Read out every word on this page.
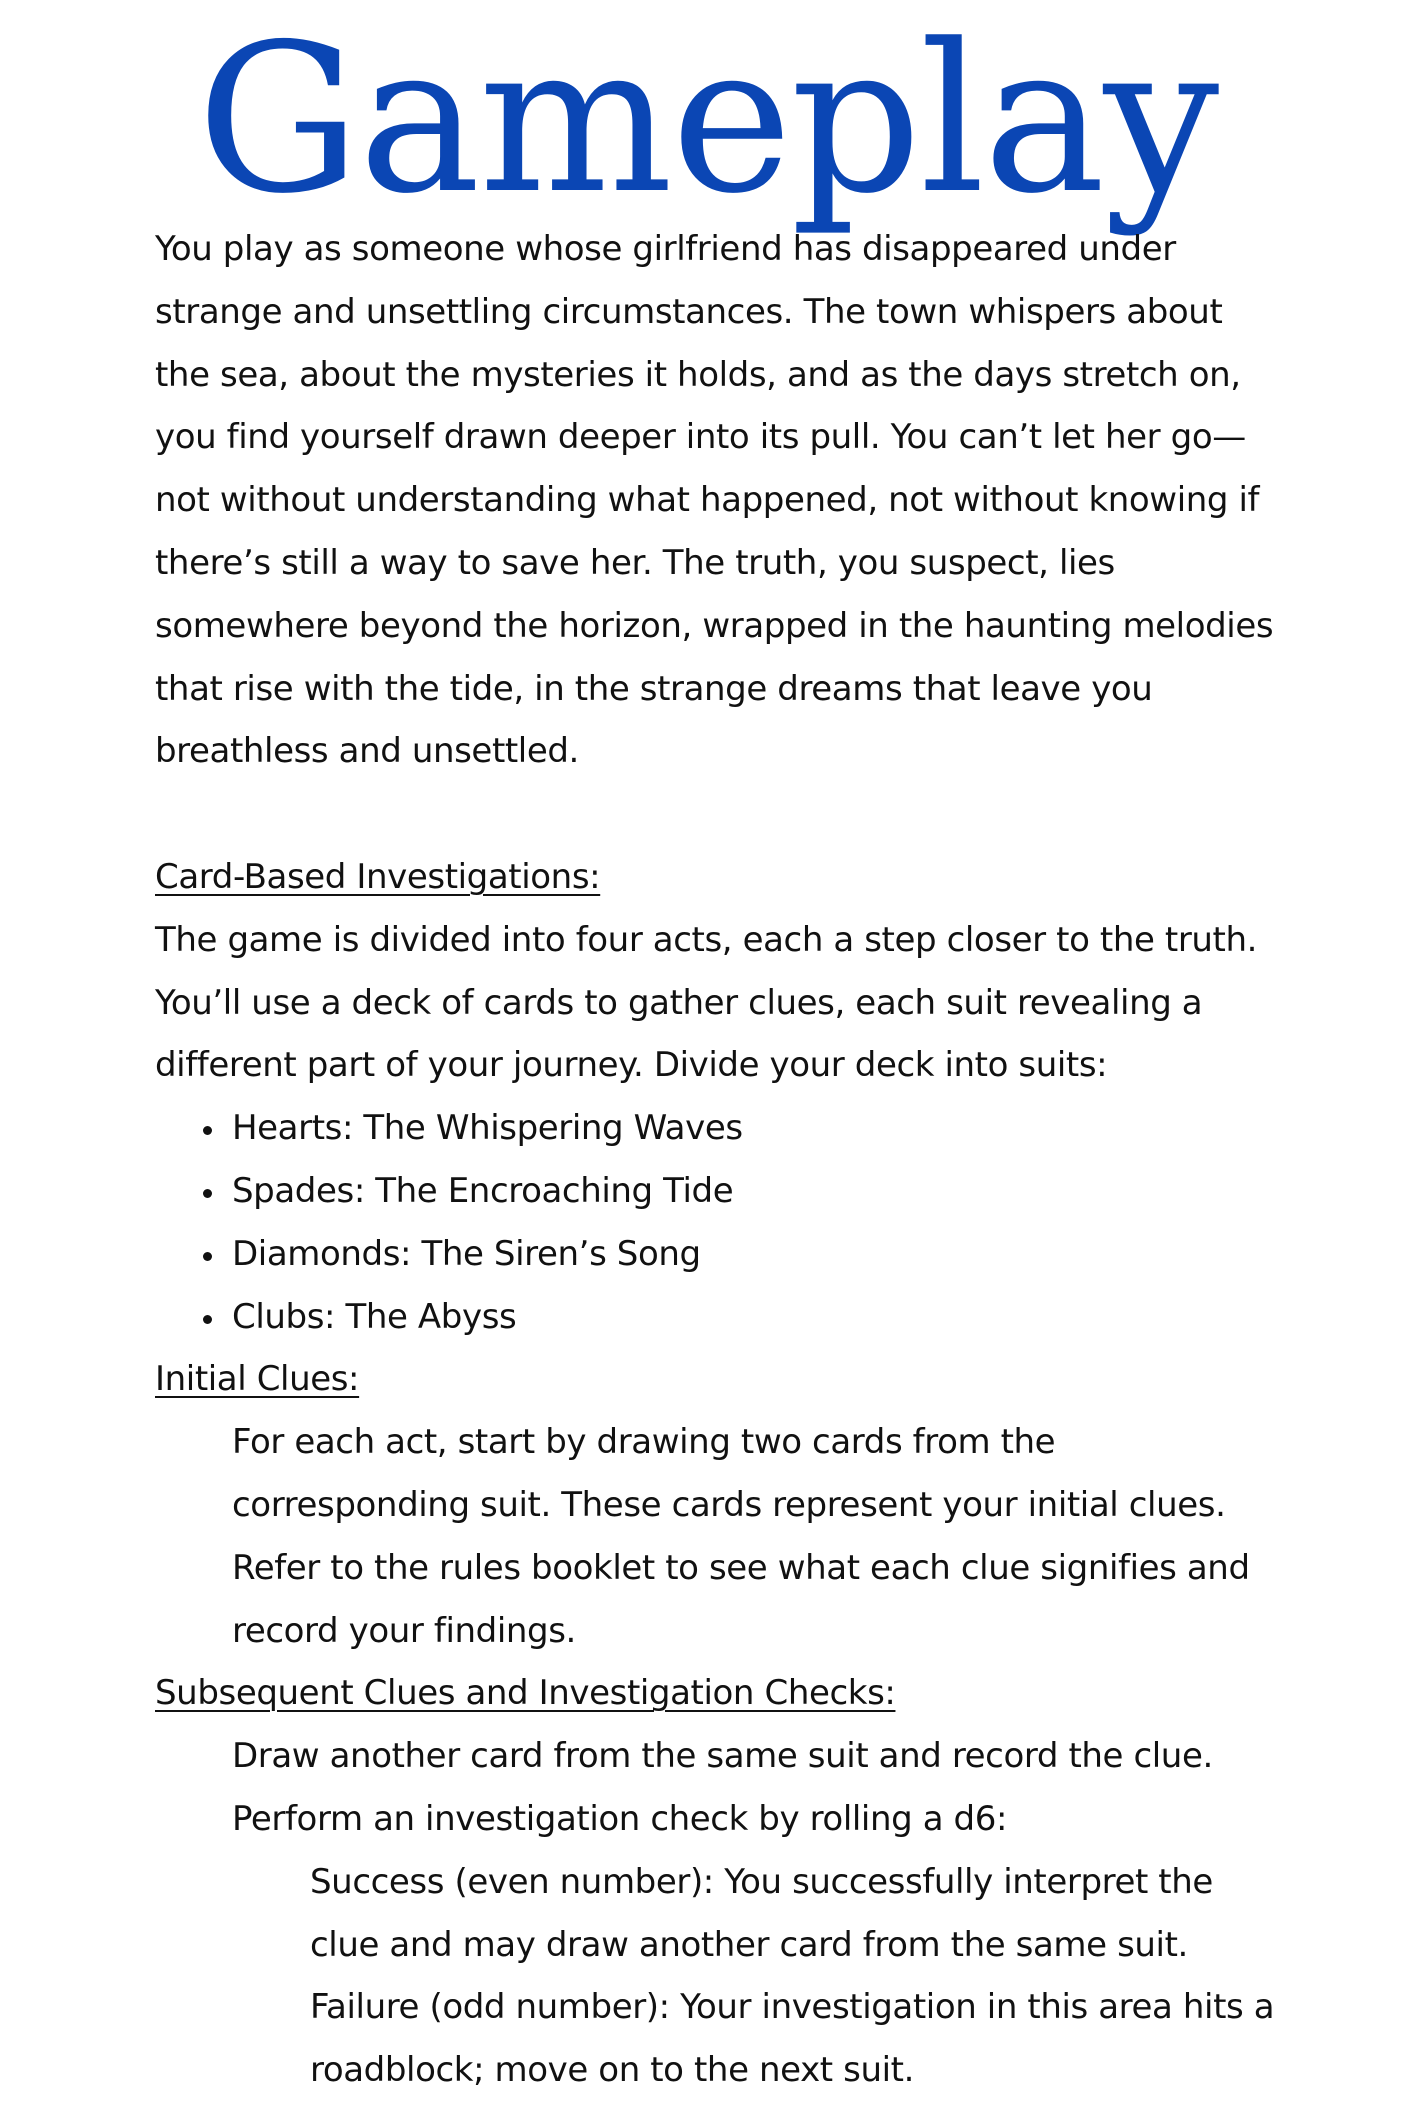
Gameplay

You play as someone whose girlfriend has disappeared under strange and unsettling circumstances. The town whispers about the sea, about the mysteries it holds, and as the days stretch on, you find yourself drawn deeper into its pull. You can’t let her go—not without understanding what happened, not without knowing if there’s still a way to save her. The truth, you suspect, lies somewhere beyond the horizon, wrapped in the haunting melodies that rise with the tide, in the strange dreams that leave you breathless and unsettled.

Card-Based Investigations:

The game is divided into four acts, each a step closer to the truth. You’ll use a deck of cards to gather clues, each suit revealing a different part of your journey. Divide your deck into suits:

Hearts: The Whispering Waves
Spades: The Encroaching Tide
Diamonds: The Siren’s Song
Clubs: The Abyss

Initial Clues:

For each act, start by drawing two cards from the corresponding suit. These cards represent your initial clues. Refer to the rules booklet to see what each clue signifies and record your findings.

Subsequent Clues and Investigation Checks:

Draw another card from the same suit and record the clue.

Perform an investigation check by rolling a d6:

Success (even number): You successfully interpret the clue and may draw another card from the same suit.

Failure (odd number): Your investigation in this area hits a roadblock; move on to the next suit.
